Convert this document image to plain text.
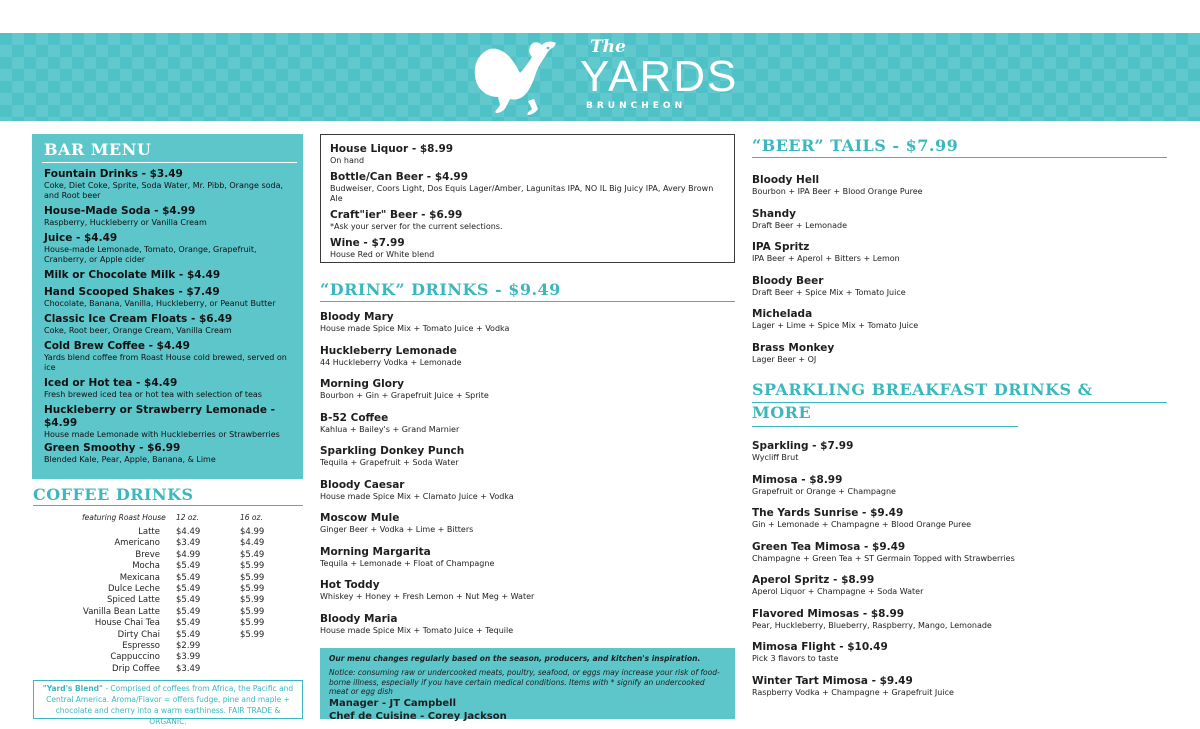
The
YARDS
BRUNCHEON
BAR MENU
Fountain Drinks - $3.49
Coke, Diet Coke, Sprite, Soda Water, Mr. Pibb, Orange soda, and Root beer
House-Made Soda - $4.99
Raspberry, Huckleberry or Vanilla Cream
Juice - $4.49
House-made Lemonade, Tomato, Orange, Grapefruit, Cranberry, or Apple cider
Milk or Chocolate Milk - $4.49
Hand Scooped Shakes - $7.49
Chocolate, Banana, Vanilla, Huckleberry, or Peanut Butter
Classic Ice Cream Floats - $6.49
Coke, Root beer, Orange Cream, Vanilla Cream
Cold Brew Coffee - $4.49
Yards blend coffee from Roast House cold brewed, served on ice
Iced or Hot tea - $4.49
Fresh brewed iced tea or hot tea with selection of teas
Huckleberry or Strawberry Lemonade - $4.99
House made Lemonade with Huckleberries or Strawberries
Green Smoothy - $6.99
Blended Kale, Pear, Apple, Banana, & Lime
COFFEE DRINKS
featuring Roast House 12 oz.	16 oz.
Latte $4.49	$4.99
Americano $3.49	$4.49
Breve $4.99	$5.49
Mocha $5.49	$5.99
Mexicana $5.49	$5.99
Dulce Leche $5.49	$5.99
Spiced Latte $5.49	$5.99
Vanilla Bean Latte $5.49	$5.99
House Chai Tea $5.49	$5.99
Dirty Chai $5.49	$5.99
Espresso $2.99
Cappuccino $3.99
Drip Coffee $3.49
"Yard's Blend" - Comprised of coffees from Africa, the Pacific and Central America. Aroma/Flavor = offers fudge, pine and maple + chocolate and cherry into a warm earthiness. FAIR TRADE & ORGANIC.
House Liquor - $8.99
On hand
Bottle/Can Beer - $4.99
Budweiser, Coors Light, Dos Equis Lager/Amber, Lagunitas IPA, NO IL Big Juicy IPA, Avery Brown Ale
Craft"ier" Beer - $6.99
*Ask your server for the current selections.
Wine - $7.99
House Red or White blend
“DRINK” DRINKS - $9.49
Bloody Mary
House made Spice Mix + Tomato Juice + Vodka
Huckleberry Lemonade
44 Huckleberry Vodka + Lemonade
Morning Glory
Bourbon + Gin + Grapefruit Juice + Sprite
B-52 Coffee
Kahlua + Bailey's + Grand Marnier
Sparkling Donkey Punch
Tequila + Grapefruit + Soda Water
Bloody Caesar
House made Spice Mix + Clamato Juice + Vodka
Moscow Mule
Ginger Beer + Vodka + Lime + Bitters
Morning Margarita
Tequila + Lemonade + Float of Champagne
Hot Toddy
Whiskey + Honey + Fresh Lemon + Nut Meg + Water
Bloody Maria
House made Spice Mix + Tomato Juice + Tequile
Our menu changes regularly based on the season, producers, and kitchen's inspiration.
Notice: consuming raw or undercooked meats, poultry, seafood, or eggs may increase your risk of food-borne illness, especially if you have certain medical conditions. Items with * signify an undercooked meat or egg dish
Manager - JT Campbell
Chef de Cuisine - Corey Jackson
“BEER” TAILS - $7.99
Bloody Hell
Bourbon + IPA Beer + Blood Orange Puree
Shandy
Draft Beer + Lemonade
IPA Spritz
IPA Beer + Aperol + Bitters + Lemon
Bloody Beer
Draft Beer + Spice Mix + Tomato Juice
Michelada
Lager + Lime + Spice Mix + Tomato Juice
Brass Monkey
Lager Beer + OJ
SPARKLING BREAKFAST DRINKS &
MORE
Sparkling - $7.99
Wycliff Brut
Mimosa - $8.99
Grapefruit or Orange + Champagne
The Yards Sunrise - $9.49
Gin + Lemonade + Champagne + Blood Orange Puree
Green Tea Mimosa - $9.49
Champagne + Green Tea + ST Germain Topped with Strawberries
Aperol Spritz - $8.99
Aperol Liquor + Champagne + Soda Water
Flavored Mimosas - $8.99
Pear, Huckleberry, Blueberry, Raspberry, Mango, Lemonade
Mimosa Flight - $10.49
Pick 3 flavors to taste
Winter Tart Mimosa - $9.49
Raspberry Vodka + Champagne + Grapefruit Juice
